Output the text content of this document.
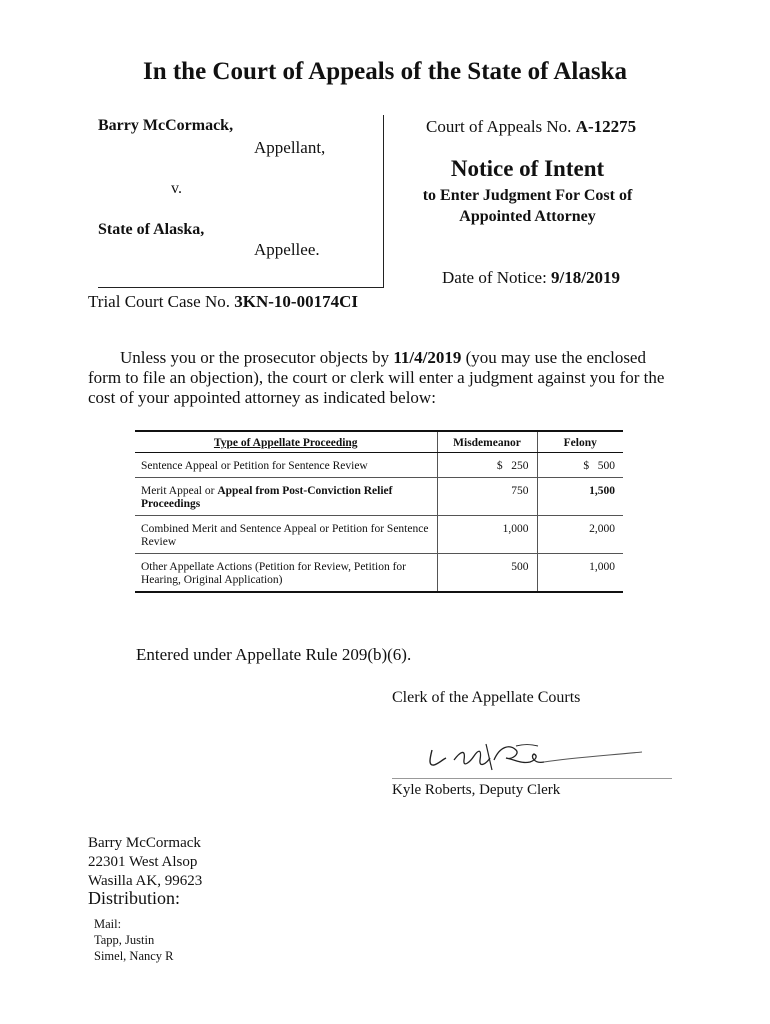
In the Court of Appeals of the State of Alaska
Barry McCormack,
Appellant,
v.
State of Alaska,
Appellee.
Trial Court Case No. 3KN-10-00174CI
Court of Appeals No. A-12275
Notice of Intent
to Enter Judgment For Cost of
Appointed Attorney
Date of Notice: 9/18/2019
Unless you or the prosecutor objects by 11/4/2019 (you may use the enclosed form to file an objection), the court or clerk will enter a judgment against you for the cost of your appointed attorney as indicated below:
Type of Appellate Proceeding	Misdemeanor	Felony
Sentence Appeal or Petition for Sentence Review	$   250	$   500
Merit Appeal or Appeal from Post-Conviction Relief Proceedings	750	1,500
Combined Merit and Sentence Appeal or Petition for Sentence Review	1,000	2,000
Other Appellate Actions (Petition for Review, Petition for Hearing, Original Application)	500	1,000
Entered under Appellate Rule 209(b)(6).
Clerk of the Appellate Courts
Kyle Roberts, Deputy Clerk
Barry McCormack
22301 West Alsop
Wasilla AK, 99623
Distribution:
Mail:
Tapp, Justin
Simel, Nancy R
